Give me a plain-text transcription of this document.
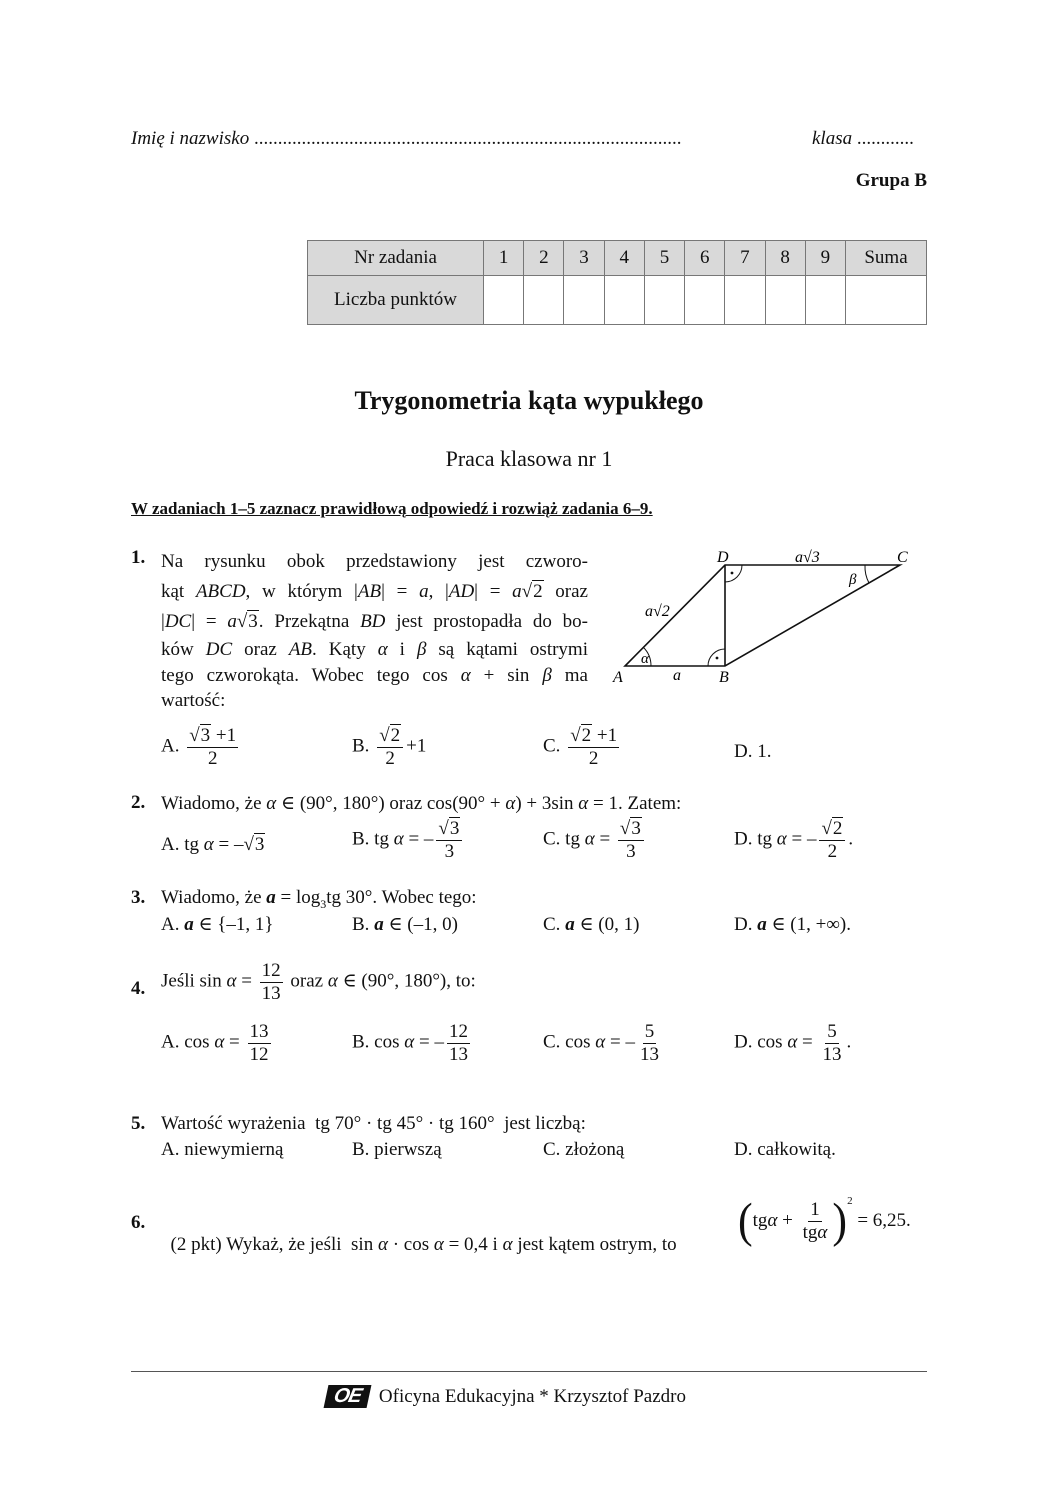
Imię i nazwisko ..........................................................................................	klasa ............
Grupa B
Nr zadania	1	2	3	4	5	6	7	8	9	Suma
Liczba punktów										
Trygonometria kąta wypukłego
Praca klasowa nr 1
W zadaniach 1–5 zaznacz prawidłową odpowiedź i rozwiąż zadania 6–9.
1. Na rysunku obok przedstawiony jest czworo-
kąt ABCD, w którym |AB| = a, |AD| = a√2 oraz
|DC| = a√3. Przekątna BD jest prostopadła do bo-
ków DC oraz AB. Kąty α i β są kątami ostrymi
tego czworokąta. Wobec tego cos α + sin β ma
wartość:
A	B
C
D
a
a√2
a√3
α
β
A. $\frac{√3 +1}{2}$	B. $\frac{√2}{2} +1$	C. $\frac{√2 +1}{2}$	D. 1.
2. Wiadomo, że α ∈ (90°, 180°) oraz cos(90° + α) + 3sin α = 1. Zatem:
A. tg α = –√3	B. tg α = – $\frac{√3}{3}$	C. tg $\alpha = \frac{√3}{3}$	D. tg α = – $\frac{√2}{2}$ .
3. Wiadomo, że $a = \log_3tg$ 30°. Wobec tego:
A. a ∈ {–1, 1}	B. a ∈ (–1, 0)	C. a ∈ (0, 1)	D. a ∈ (1, +∞).
4. Jeśli $\sin \alpha = \frac{12}{13}$ oraz α ∈ (90°, 180°), to:
A. $\cos \alpha = \frac{13}{12}$	B. cos α = – $\frac{12}{13}$	C. cos α = – $\frac{5}{13}$	D. $\cos \alpha = \frac{5}{13}$ .
5. Wartość wyrażenia  tg 70° · tg 45° · tg 160°  jest liczbą:
A. niewymierną	B. pierwszą	C. złożoną	D. całkowitą.
6.

(2 pkt) Wykaż, że jeśli  sin α · cos α = 0,4 i α jest kątem ostrym, to ( tg $\alpha + \frac{1}{\text{tgα}} )^2$
= 6,25.
OE Oficyna Edukacyjna * Krzysztof Pazdro
